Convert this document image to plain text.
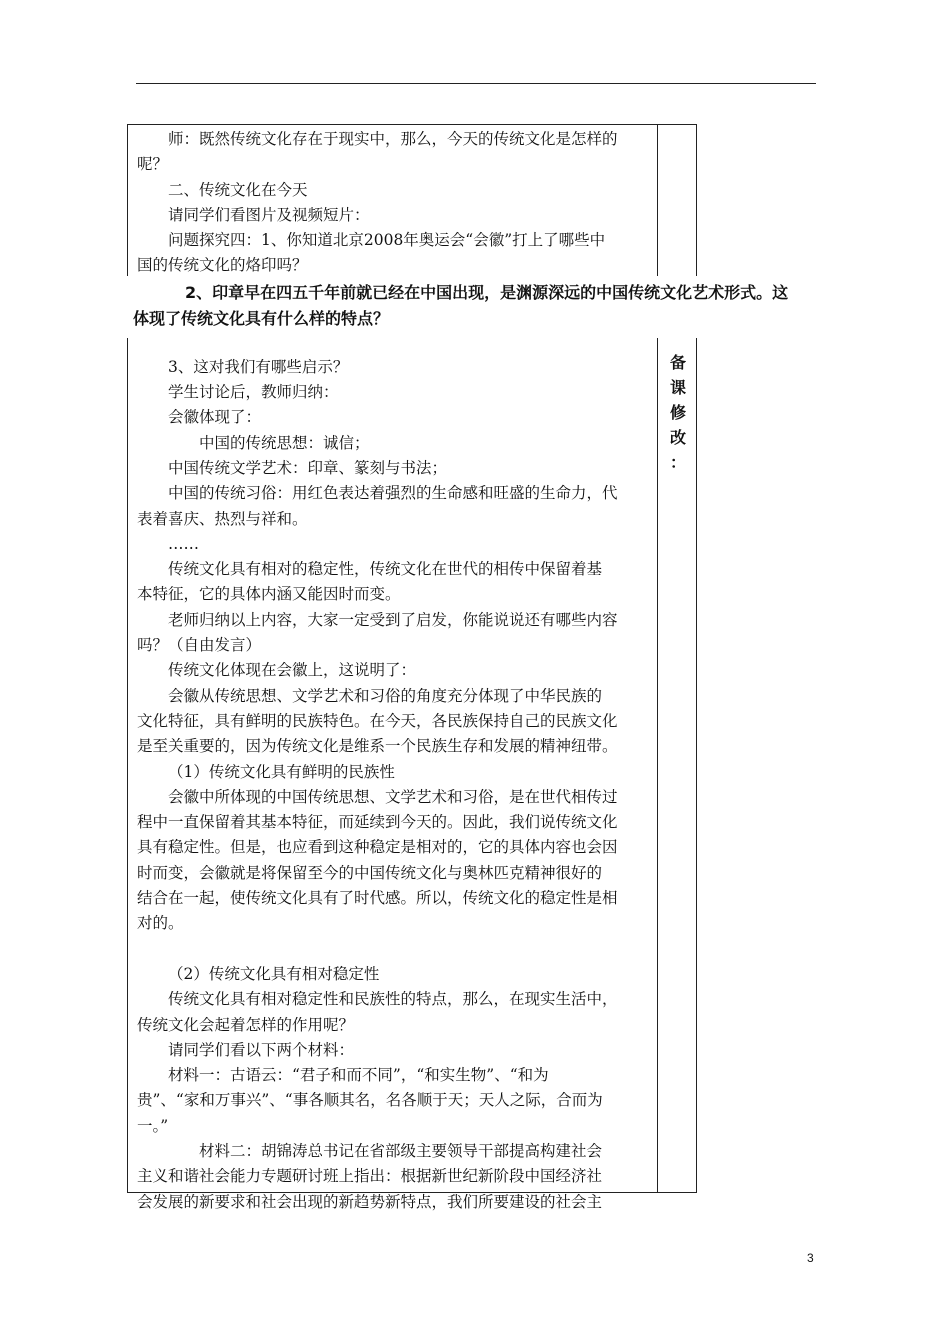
师：既然传统文化存在于现实中，那么，今天的传统文化是怎样的

呢？

二、传统文化在今天

请同学们看图片及视频短片：

问题探究四：1、你知道北京2008年奥运会“会徽”打上了哪些中

国的传统文化的烙印吗？

3、这对我们有哪些启示？

学生讨论后，教师归纳：

会徽体现了：

中国的传统思想：诚信；

中国传统文学艺术：印章、篆刻与书法；

中国的传统习俗：用红色表达着强烈的生命感和旺盛的生命力，代

表着喜庆、热烈与祥和。

……

传统文化具有相对的稳定性，传统文化在世代的相传中保留着基

本特征，它的具体内涵又能因时而变。

老师归纳以上内容，大家一定受到了启发，你能说说还有哪些内容

吗？（自由发言）

传统文化体现在会徽上，这说明了：

会徽从传统思想、文学艺术和习俗的角度充分体现了中华民族的

文化特征，具有鲜明的民族特色。在今天，各民族保持自己的民族文化

是至关重要的，因为传统文化是维系一个民族生存和发展的精神纽带。

（1）传统文化具有鲜明的民族性

会徽中所体现的中国传统思想、文学艺术和习俗，是在世代相传过

程中一直保留着其基本特征，而延续到今天的。因此，我们说传统文化

具有稳定性。但是，也应看到这种稳定是相对的，它的具体内容也会因

时而变，会徽就是将保留至今的中国传统文化与奥林匹克精神很好的

结合在一起，使传统文化具有了时代感。所以，传统文化的稳定性是相

对的。

（2）传统文化具有相对稳定性

传统文化具有相对稳定性和民族性的特点，那么，在现实生活中，

传统文化会起着怎样的作用呢？

请同学们看以下两个材料：

材料一：古语云：“君子和而不同”，“和实生物”、“和为

贵”、“家和万事兴”、“事各顺其名，名各顺于天；天人之际，合而为

一。”

材料二：胡锦涛总书记在省部级主要领导干部提高构建社会

主义和谐社会能力专题研讨班上指出：根据新世纪新阶段中国经济社

会发展的新要求和社会出现的新趋势新特点，我们所要建设的社会主

2、印章早在四五千年前就已经在中国出现，是渊源深远的中国传统文化艺术形式。这

体现了传统文化具有什么样的特点？

备
课
修
改
：
3
